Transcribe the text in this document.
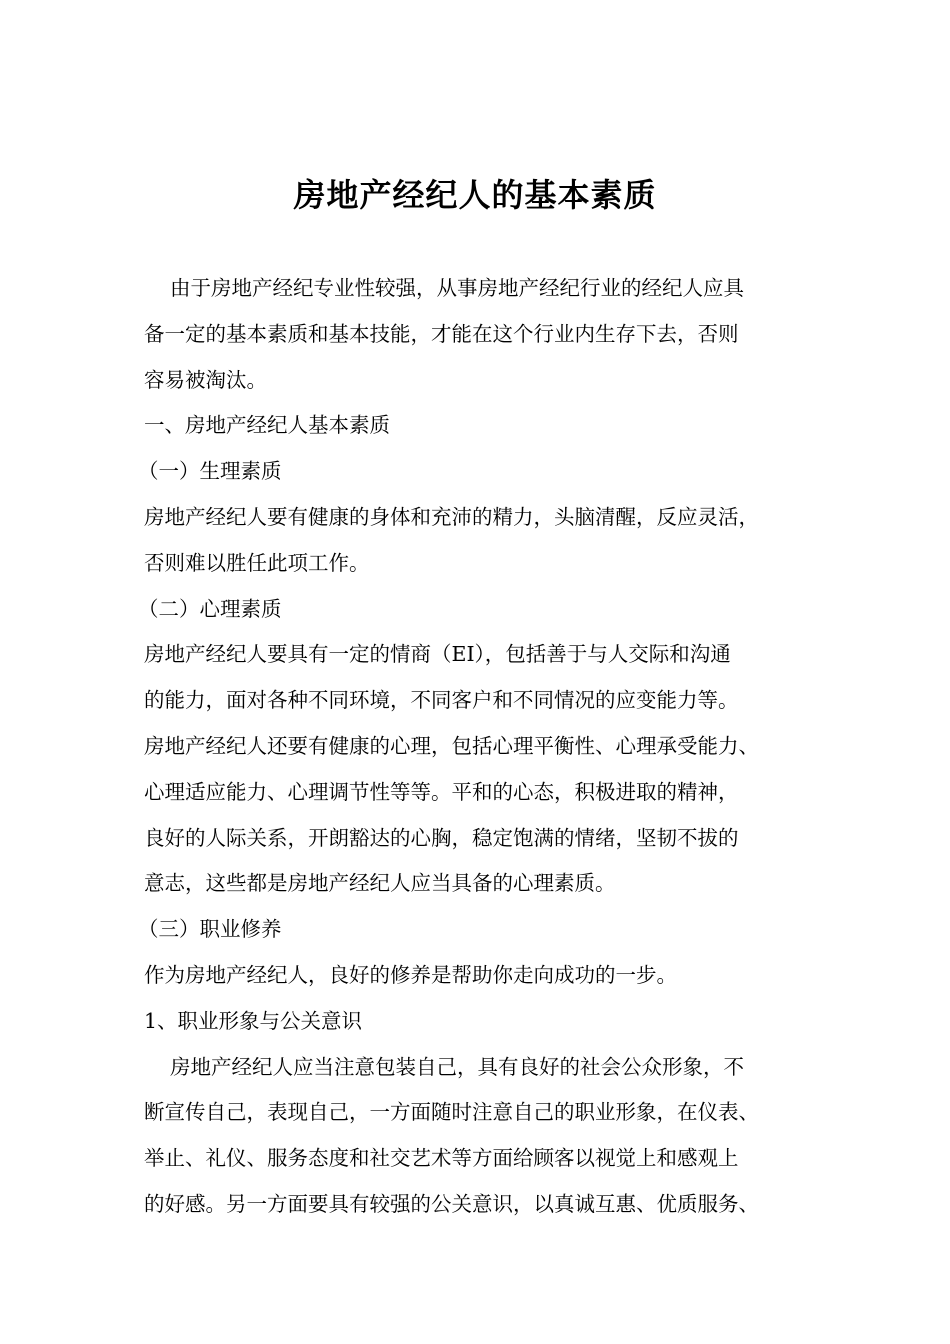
房地产经纪人的基本素质
由于房地产经纪专业性较强，从事房地产经纪行业的经纪人应具
备一定的基本素质和基本技能，才能在这个行业内生存下去，否则
容易被淘汰。
一、房地产经纪人基本素质
（一）生理素质
房地产经纪人要有健康的身体和充沛的精力，头脑清醒，反应灵活，
否则难以胜任此项工作。
（二）心理素质
房地产经纪人要具有一定的情商（EI），包括善于与人交际和沟通
的能力，面对各种不同环境，不同客户和不同情况的应变能力等。
房地产经纪人还要有健康的心理，包括心理平衡性、心理承受能力、
心理适应能力、心理调节性等等。平和的心态，积极进取的精神，
良好的人际关系，开朗豁达的心胸，稳定饱满的情绪，坚韧不拔的
意志，这些都是房地产经纪人应当具备的心理素质。
（三）职业修养
作为房地产经纪人，良好的修养是帮助你走向成功的一步。
1、职业形象与公关意识
房地产经纪人应当注意包装自己，具有良好的社会公众形象，不
断宣传自己，表现自己，一方面随时注意自己的职业形象，在仪表、
举止、礼仪、服务态度和社交艺术等方面给顾客以视觉上和感观上
的好感。另一方面要具有较强的公关意识，以真诚互惠、优质服务、
